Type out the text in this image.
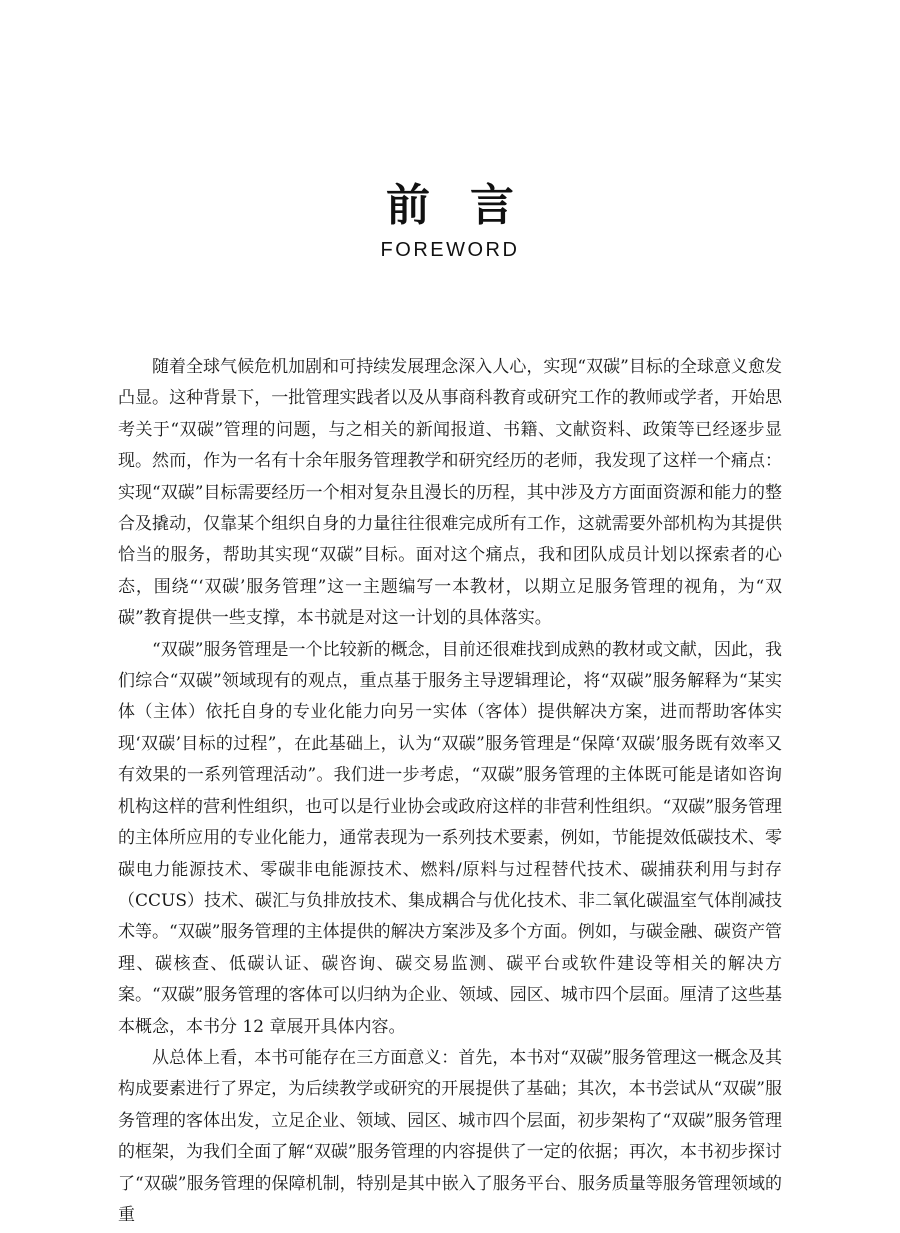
前言
FOREWORD

随着全球气候危机加剧和可持续发展理念深入人心，实现“双碳”目标的全球意义愈发凸显。这种背景下，一批管理实践者以及从事商科教育或研究工作的教师或学者，开始思考关于“双碳”管理的问题，与之相关的新闻报道、书籍、文献资料、政策等已经逐步显现。然而，作为一名有十余年服务管理教学和研究经历的老师，我发现了这样一个痛点：实现“双碳”目标需要经历一个相对复杂且漫长的历程，其中涉及方方面面资源和能力的整合及撬动，仅靠某个组织自身的力量往往很难完成所有工作，这就需要外部机构为其提供恰当的服务，帮助其实现“双碳”目标。面对这个痛点，我和团队成员计划以探索者的心态，围绕“‘双碳’服务管理”这一主题编写一本教材，以期立足服务管理的视角，为“双碳”教育提供一些支撑，本书就是对这一计划的具体落实。

“双碳”服务管理是一个比较新的概念，目前还很难找到成熟的教材或文献，因此，我们综合“双碳”领域现有的观点，重点基于服务主导逻辑理论，将“双碳”服务解释为“某实体（主体）依托自身的专业化能力向另一实体（客体）提供解决方案，进而帮助客体实现‘双碳’目标的过程”，在此基础上，认为“双碳”服务管理是“保障‘双碳’服务既有效率又有效果的一系列管理活动”。我们进一步考虑，“双碳”服务管理的主体既可能是诸如咨询机构这样的营利性组织，也可以是行业协会或政府这样的非营利性组织。“双碳”服务管理的主体所应用的专业化能力，通常表现为一系列技术要素，例如，节能提效低碳技术、零碳电力能源技术、零碳非电能源技术、燃料/原料与过程替代技术、碳捕获利用与封存（CCUS）技术、碳汇与负排放技术、集成耦合与优化技术、非二氧化碳温室气体削减技术等。“双碳”服务管理的主体提供的解决方案涉及多个方面。例如，与碳金融、碳资产管理、碳核查、低碳认证、碳咨询、碳交易监测、碳平台或软件建设等相关的解决方案。“双碳”服务管理的客体可以归纳为企业、领域、园区、城市四个层面。厘清了这些基本概念，本书分 12 章展开具体内容。

从总体上看，本书可能存在三方面意义：首先，本书对“双碳”服务管理这一概念及其构成要素进行了界定，为后续教学或研究的开展提供了基础；其次，本书尝试从“双碳”服务管理的客体出发，立足企业、领域、园区、城市四个层面，初步架构了“双碳”服务管理的框架，为我们全面了解“双碳”服务管理的内容提供了一定的依据；再次，本书初步探讨了“双碳”服务管理的保障机制，特别是其中嵌入了服务平台、服务质量等服务管理领域的重
